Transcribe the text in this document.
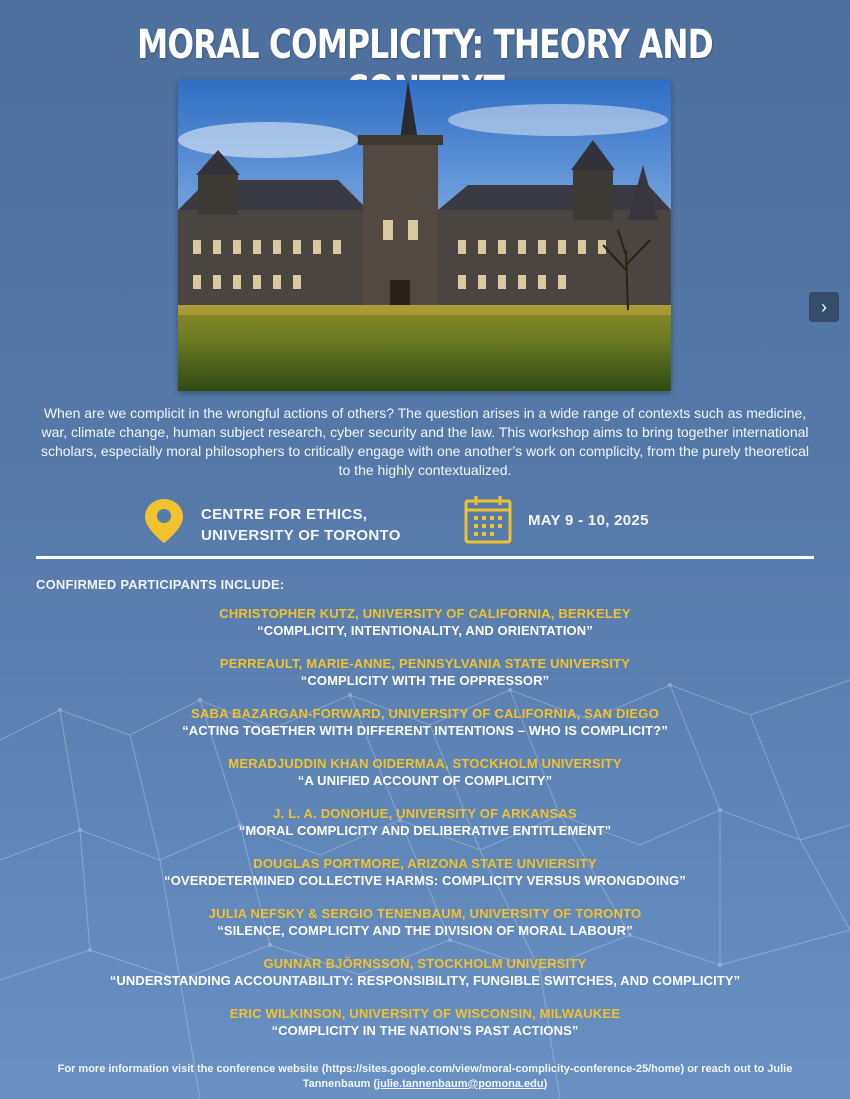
MORAL COMPLICITY: THEORY AND
›
When are we complicit in the wrongful actions of others? The question arises in a wide range of contexts such as medicine, war, climate change, human subject research, cyber security and the law. This workshop aims to bring together international scholars, especially moral philosophers to critically engage with one another’s work on complicity, from the purely theoretical to the highly contextualized.
CENTRE FOR ETHICS,
UNIVERSITY OF TORONTO
MAY 9 - 10, 2025
CONFIRMED PARTICIPANTS INCLUDE:
CHRISTOPHER KUTZ, UNIVERSITY OF CALIFORNIA, BERKELEY
“COMPLICITY, INTENTIONALITY, AND ORIENTATION”
PERREAULT, MARIE-ANNE, PENNSYLVANIA STATE UNIVERSITY
“COMPLICITY WITH THE OPPRESSOR”
SABA BAZARGAN-FORWARD, UNIVERSITY OF CALIFORNIA, SAN DIEGO
“ACTING TOGETHER WITH DIFFERENT INTENTIONS – WHO IS COMPLICIT?”
MERADJUDDIN KHAN OIDERMAA, STOCKHOLM UNIVERSITY
“A UNIFIED ACCOUNT OF COMPLICITY”
J. L. A. DONOHUE, UNIVERSITY OF ARKANSAS
“MORAL COMPLICITY AND DELIBERATIVE ENTITLEMENT”
DOUGLAS PORTMORE, ARIZONA STATE UNVIERSITY
“OVERDETERMINED COLLECTIVE HARMS: COMPLICITY VERSUS WRONGDOING”
JULIA NEFSKY & SERGIO TENENBAUM, UNIVERSITY OF TORONTO
“SILENCE, COMPLICITY AND THE DIVISION OF MORAL LABOUR”
GUNNAR BJÖRNSSON, STOCKHOLM UNIVERSITY
“UNDERSTANDING ACCOUNTABILITY: RESPONSIBILITY, FUNGIBLE SWITCHES, AND COMPLICITY”
ERIC WILKINSON, UNIVERSITY OF WISCONSIN, MILWAUKEE
“COMPLICITY IN THE NATION’S PAST ACTIONS”
For more information visit the conference website (https://sites.google.com/view/moral-complicity-conference-25/home) or reach out to Julie Tannenbaum (julie.tannenbaum@pomona.edu)
